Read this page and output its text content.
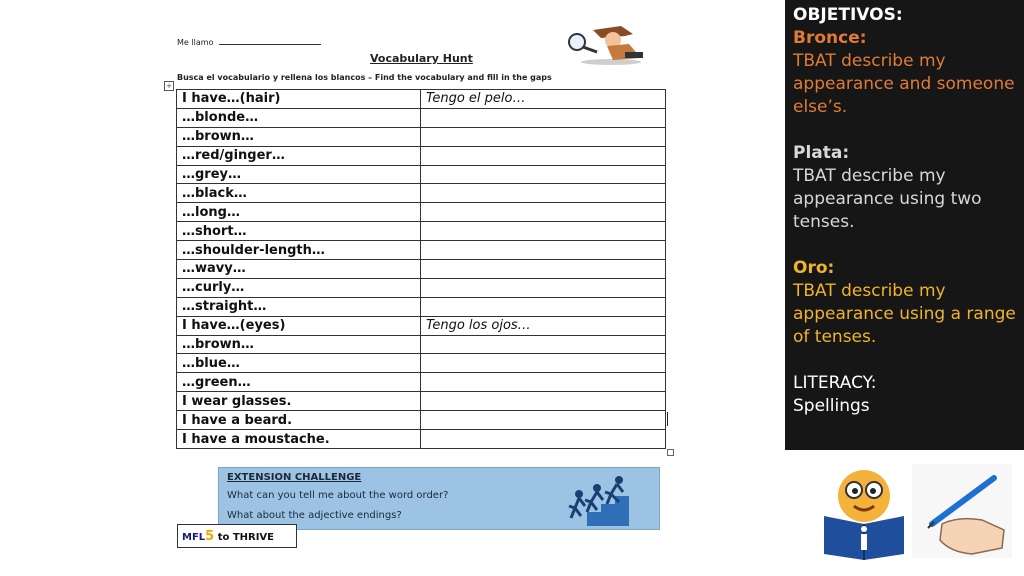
Me llamo
Vocabulary Hunt
Busca el vocabulario y rellena los blancos – Find the vocabulary and fill in the gaps
+
I have…(hair)	Tengo el pelo…
…blonde…	
…brown…	
…red/ginger…	
…grey…	
…black…	
…long…	
…short…	
…shoulder-length…	
…wavy…	
…curly…	
…straight…	
I have…(eyes)	Tengo los ojos…
…brown…	
…blue…	
…green…	
I wear glasses.	
I have a beard.	
I have a moustache.	
EXTENSION CHALLENGE
What can you tell me about the word order?
What about the adjective endings?
MFL5 to THRIVE
OBJETIVOS:
Bronce:
TBAT describe my
appearance and someone
else’s.
Plata:
TBAT describe my
appearance using two
tenses.
Oro:
TBAT describe my
appearance using a range
of tenses.
LITERACY:
Spellings
